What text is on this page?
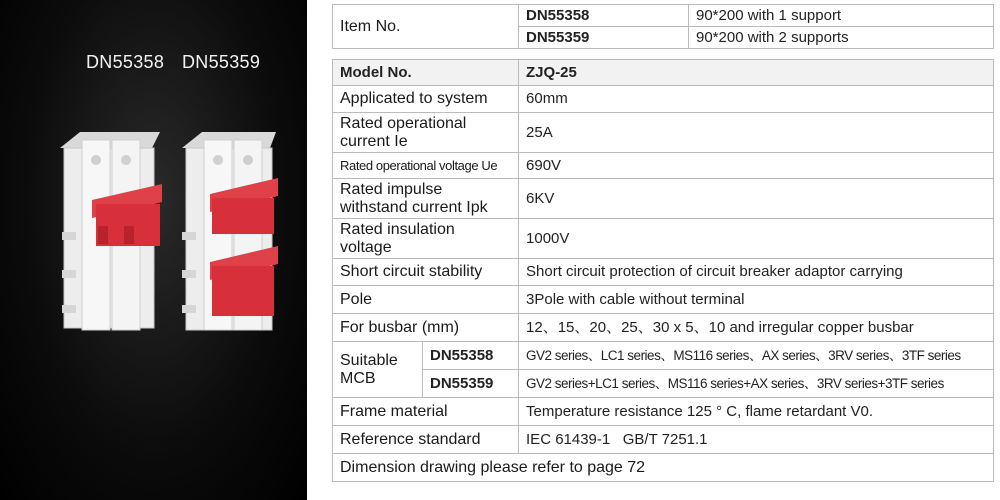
DN55358 DN55359
Item No.	DN55358	90*200 with 1 support
	DN55359	90*200 with 2 supports
Model No.		ZJQ-25
Applicated to system		60mm
Rated operational
current Ie		25A
Rated operational voltage Ue		690V
Rated impulse
withstand current Ipk		6KV
Rated insulation
voltage		1000V
Short circuit stability		Short circuit protection of circuit breaker adaptor carrying
Pole		3Pole with cable without terminal
For busbar (mm)		12、15、20、25、30 x 5、10 and irregular copper busbar
Suitable
MCB	DN55358	GV2 series、LC1 series、MS116 series、AX series、3RV series、3TF series
	DN55359	GV2 series+LC1 series、MS116 series+AX series、3RV series+3TF series
Frame material		Temperature resistance 125 ° C, flame retardant V0.
Reference standard		IEC 61439-1   GB/T 7251.1
Dimension drawing please refer to page 72		
